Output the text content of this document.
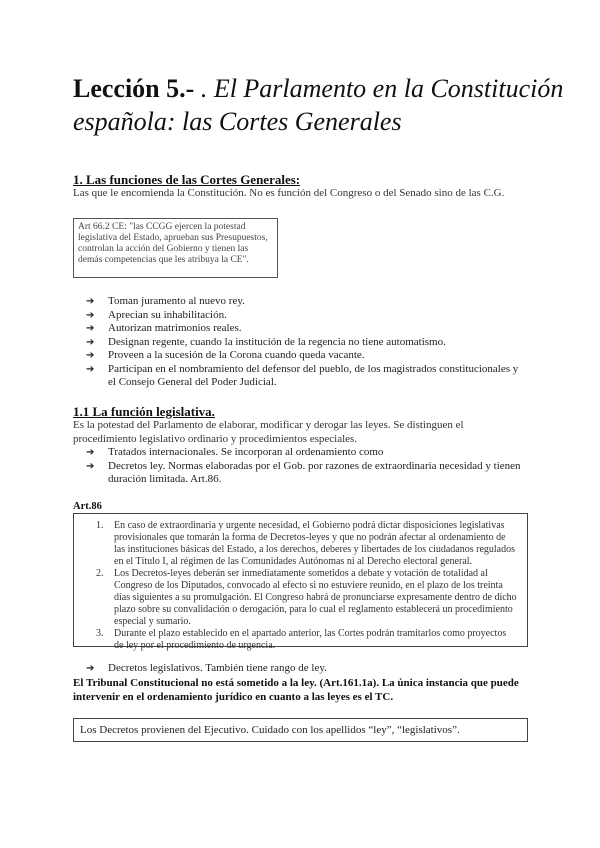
Lección 5.- . El Parlamento en la Constitución española: las Cortes Generales
1. Las funciones de las Cortes Generales:
Las que le encomienda la Constitución. No es función del Congreso o del Senado sino de las C.G.
Art 66.2 CE: "las CCGG ejercen la potestad legislativa del Estado, aprueban sus Presupuestos, controlan la acción del Gobierno y tienen las demás competencias que les atribuya la CE".
➔ Toman juramento al nuevo rey.
➔ Aprecian su inhabilitación.
➔ Autorizan matrimonios reales.
➔ Designan regente, cuando la institución de la regencia no tiene automatismo.
➔ Proveen a la sucesión de la Corona cuando queda vacante.
➔ Participan en el nombramiento del defensor del pueblo, de los magistrados constitucionales y el Consejo General del Poder Judicial.
1.1 La función legislativa.
Es la potestad del Parlamento de elaborar, modificar y derogar las leyes. Se distinguen el procedimiento legislativo ordinario y procedimientos especiales.
➔ Tratados internacionales. Se incorporan al ordenamiento como
➔ Decretos ley. Normas elaboradas por el Gob. por razones de extraordinaria necesidad y tienen duración limitada. Art.86.
Art.86
1. En caso de extraordinaria y urgente necesidad, el Gobierno podrá dictar disposiciones legislativas provisionales que tomarán la forma de Decretos-leyes y que no podrán afectar al ordenamiento de las instituciones básicas del Estado, a los derechos, deberes y libertades de los ciudadanos regulados en el Título I, al régimen de las Comunidades Autónomas ni al Derecho electoral general.
2. Los Decretos-leyes deberán ser inmediatamente sometidos a debate y votación de totalidad al Congreso de los Diputados, convocado al efecto si no estuviere reunido, en el plazo de los treinta días siguientes a su promulgación. El Congreso habrá de pronunciarse expresamente dentro de dicho plazo sobre su convalidación o derogación, para lo cual el reglamento establecerá un procedimiento especial y sumario.
3. Durante el plazo establecido en el apartado anterior, las Cortes podrán tramitarlos como proyectos de ley por el procedimiento de urgencia.
➔ Decretos legislativos. También tiene rango de ley.
El Tribunal Constitucional no está sometido a la ley. (Art.161.1a). La única instancia que puede intervenir en el ordenamiento jurídico en cuanto a las leyes es el TC.
Los Decretos provienen del Ejecutivo. Cuidado con los apellidos “ley”, “legislativos”.
